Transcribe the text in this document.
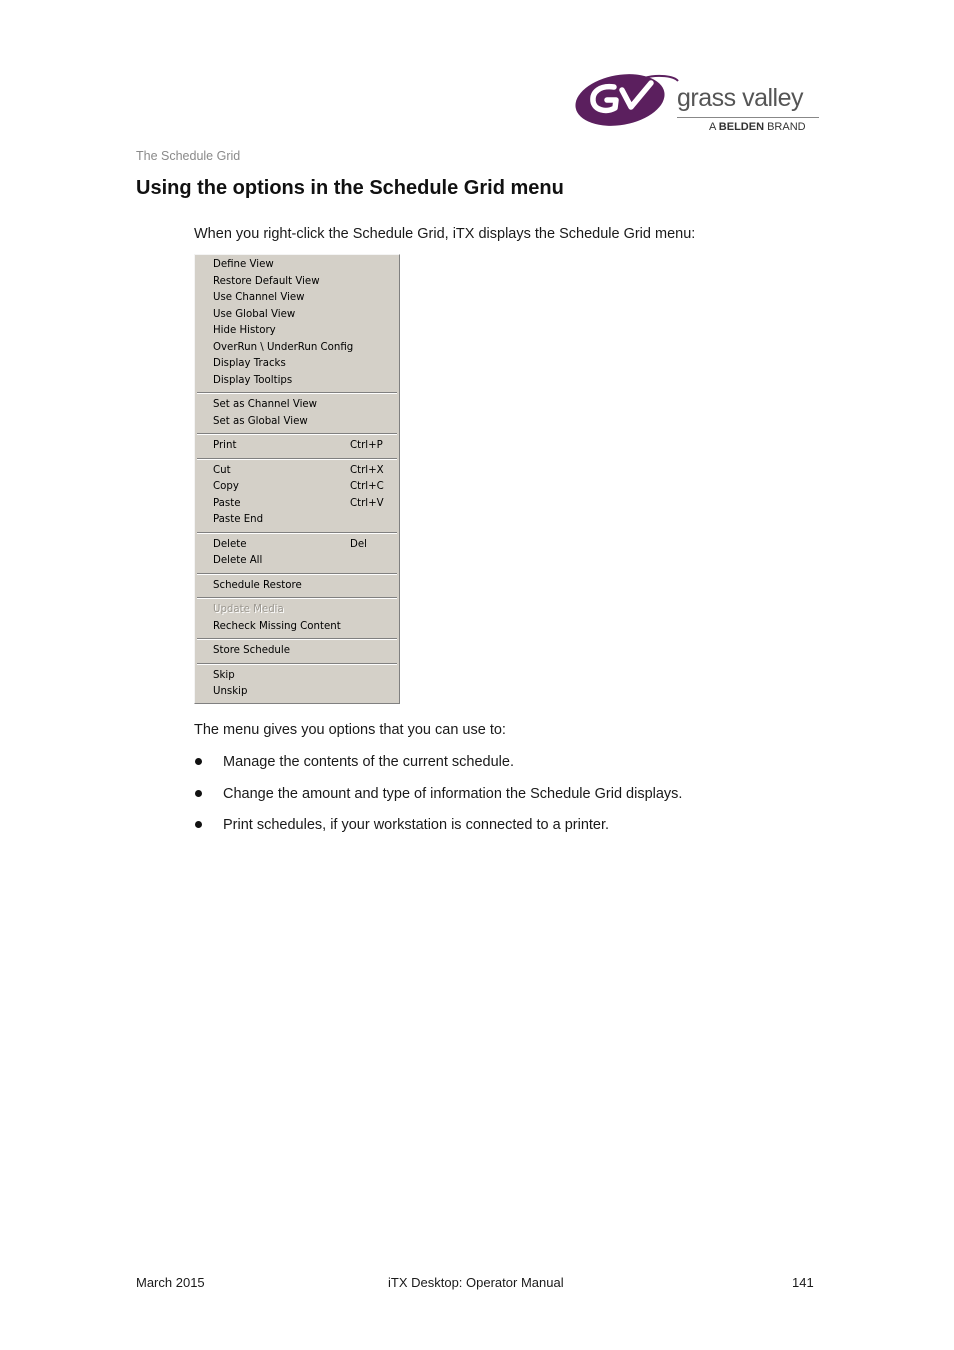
grass valley
A BELDEN BRAND
The Schedule Grid
Using the options in the Schedule Grid menu

When you right-click the Schedule Grid, iTX displays the Schedule Grid menu:

Define View
Restore Default View
Use Channel View
Use Global View
Hide History
OverRun \ UnderRun Config
Display Tracks
Display Tooltips
Set as Channel View
Set as Global View
Print	Ctrl+P
Cut	Ctrl+X
Copy	Ctrl+C
Paste	Ctrl+V
Paste End
Delete	Del
Delete All
Schedule Restore
Update Media
Recheck Missing Content
Store Schedule
Skip
Unskip

The menu gives you options that you can use to:

Manage the contents of the current schedule.
Change the amount and type of information the Schedule Grid displays.
Print schedules, if your workstation is connected to a printer.
March 2015	iTX Desktop: Operator Manual	141
